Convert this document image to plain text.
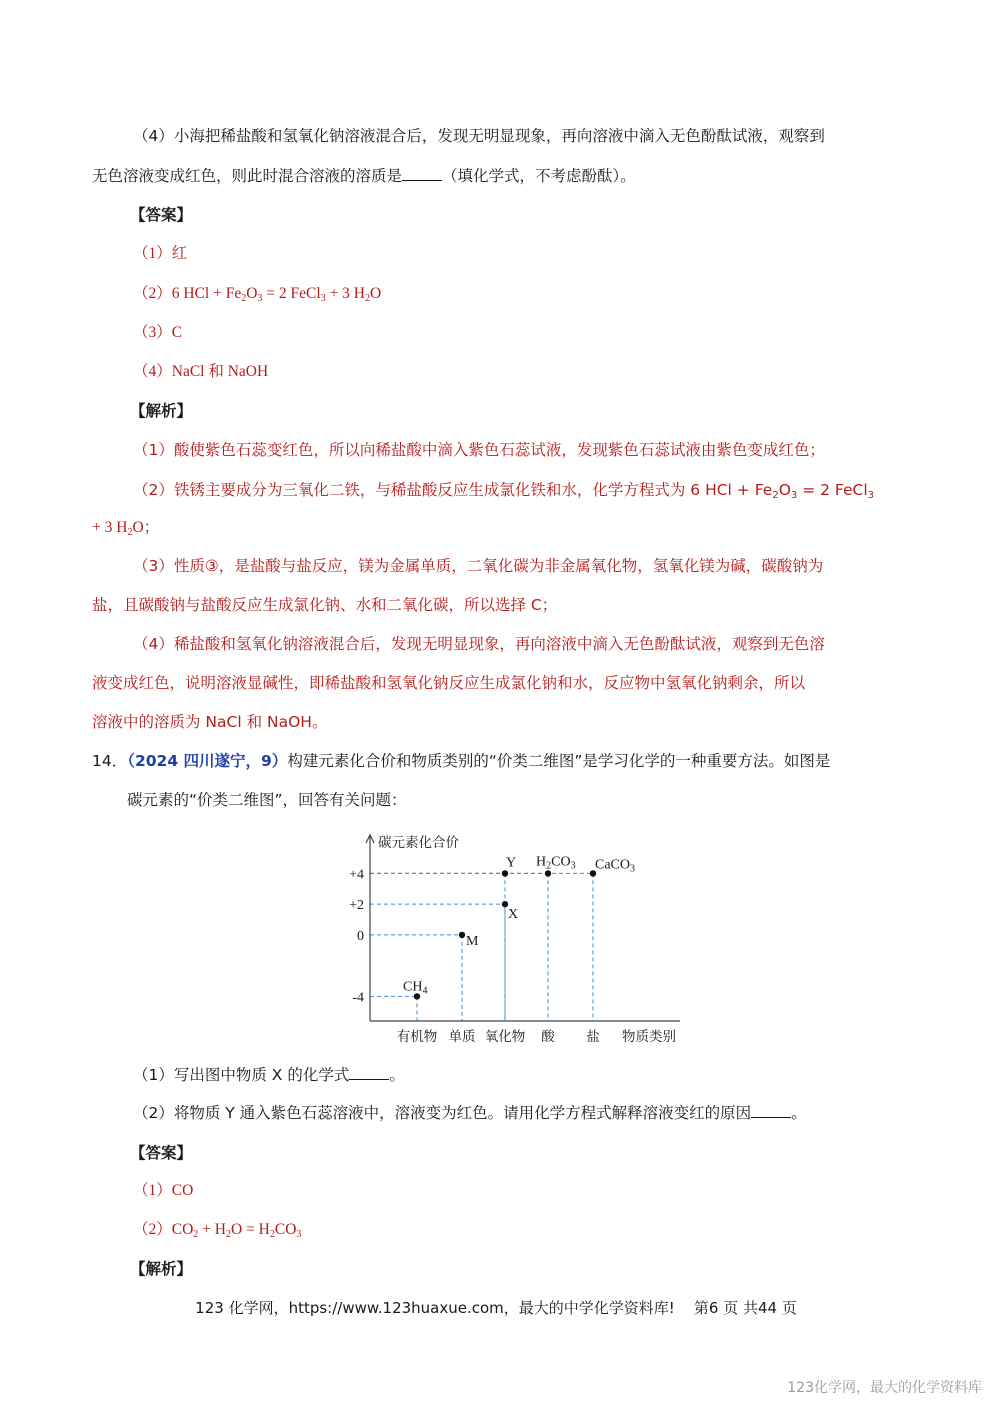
（4）小海把稀盐酸和氢氧化钠溶液混合后，发现无明显现象，再向溶液中滴入无色酚酞试液，观察到
无色溶液变成红色，则此时混合溶液的溶质是	（填化学式，不考虑酚酞）。
【答案】
（1）红
（2）6 HCl + $Fe_2O_3 = 2$ FeCl$_3$ + 3 $H_2O$
（3）C
（4）NaCl 和 NaOH
【解析】
（1）酸使紫色石蕊变红色，所以向稀盐酸中滴入紫色石蕊试液，发现紫色石蕊试液由紫色变成红色；
（2）铁锈主要成分为三氧化二铁，与稀盐酸反应生成氯化铁和水，化学方程式为 6 HCl + $Fe_2O_3 = 2$ FeCl$_3$
+ 3 $H_2O$；
（3）性质③，是盐酸与盐反应，镁为金属单质，二氧化碳为非金属氧化物，氢氧化镁为碱，碳酸钠为
盐，且碳酸钠与盐酸反应生成氯化钠、水和二氧化碳，所以选择 C；
（4）稀盐酸和氢氧化钠溶液混合后，发现无明显现象，再向溶液中滴入无色酚酞试液，观察到无色溶
液变成红色，说明溶液显碱性，即稀盐酸和氢氧化钠反应生成氯化钠和水，反应物中氢氧化钠剩余，所以
溶液中的溶质为 NaCl 和 NaOH。
14．（2024 四川遂宁，9）构建元素化合价和物质类别的“价类二维图”是学习化学的一种重要方法。如图是
碳元素的“价类二维图”，回答有关问题：
+4
+2
0
-4
有机物 单质 氧化物 酸 盐
$CH_4$
M
X
Y $H_2CO_3$ CaCO$_3$
碳元素化合价
物质类别
（1）写出图中物质 X 的化学式	。
（2）将物质 Y 通入紫色石蕊溶液中，溶液变为红色。请用化学方程式解释溶液变红的原因	。
【答案】
（1）CO
$(2)CO_2 + H_2O = H_2CO_3$
【解析】
123 化学网，https://www.123huaxue.com，最大的中学化学资料库! 第6 页 共44 页
123化学网，最大的化学资料库
